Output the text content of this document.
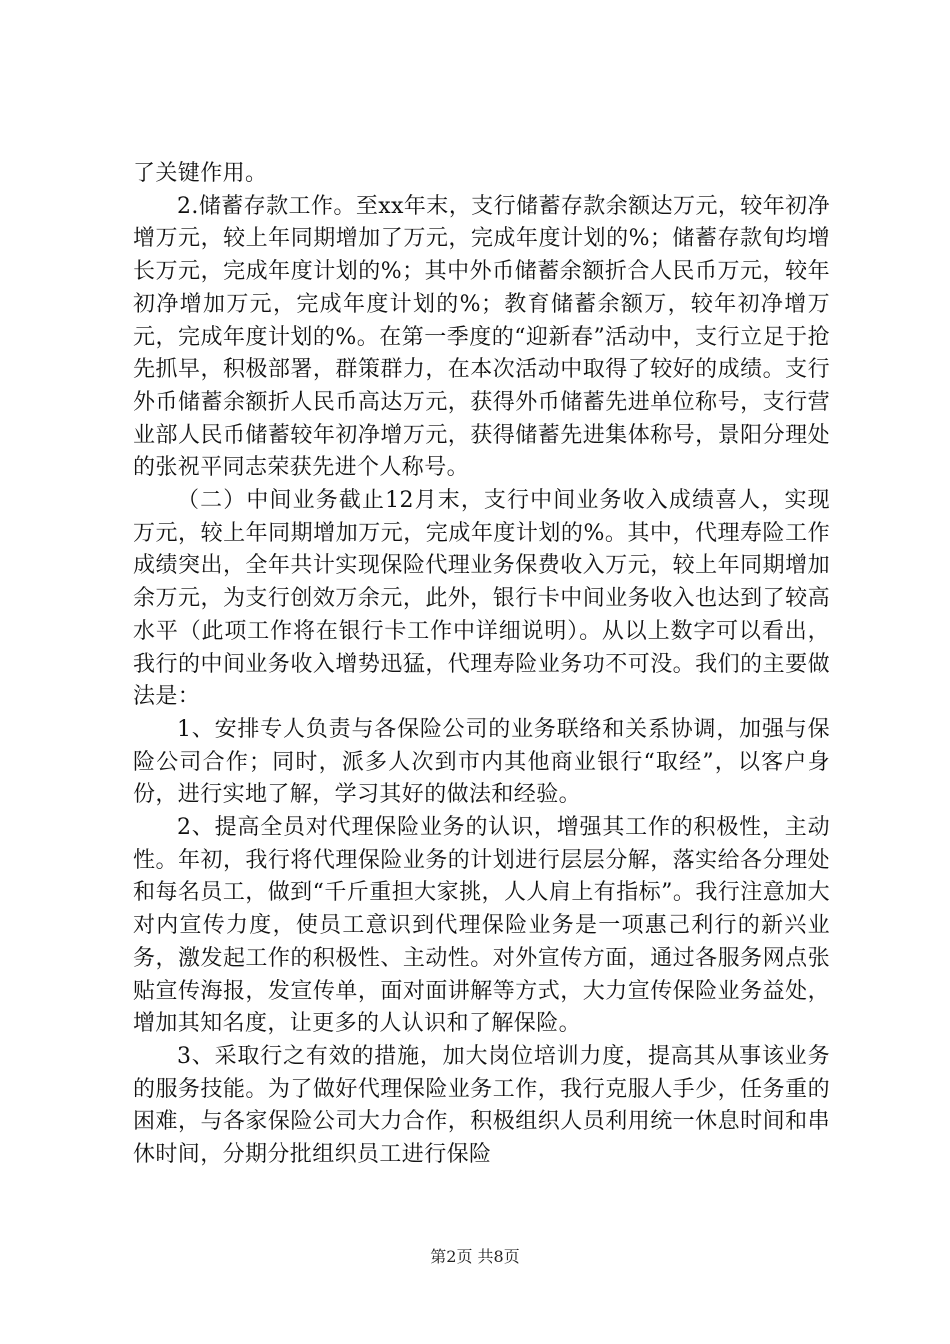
了关键作用。

2.储蓄存款工作。至xx年末，支行储蓄存款余额达万元，较年初净增万元，较上年同期增加了万元，完成年度计划的%；储蓄存款旬均增长万元，完成年度计划的%；其中外币储蓄余额折合人民币万元，较年初净增加万元，完成年度计划的%；教育储蓄余额万，较年初净增万元，完成年度计划的%。在第一季度的“迎新春”活动中，支行立足于抢先抓早，积极部署，群策群力，在本次活动中取得了较好的成绩。支行外币储蓄余额折人民币高达万元，获得外币储蓄先进单位称号，支行营业部人民币储蓄较年初净增万元，获得储蓄先进集体称号，景阳分理处的张祝平同志荣获先进个人称号。

（二）中间业务截止12月末，支行中间业务收入成绩喜人，实现万元，较上年同期增加万元，完成年度计划的%。其中，代理寿险工作成绩突出，全年共计实现保险代理业务保费收入万元，较上年同期增加余万元，为支行创效万余元，此外，银行卡中间业务收入也达到了较高水平（此项工作将在银行卡工作中详细说明）。从以上数字可以看出，我行的中间业务收入增势迅猛，代理寿险业务功不可没。我们的主要做法是：

1、安排专人负责与各保险公司的业务联络和关系协调，加强与保险公司合作；同时，派多人次到市内其他商业银行“取经”，以客户身份，进行实地了解，学习其好的做法和经验。

2、提高全员对代理保险业务的认识，增强其工作的积极性，主动性。年初，我行将代理保险业务的计划进行层层分解，落实给各分理处和每名员工，做到“千斤重担大家挑，人人肩上有指标”。我行注意加大对内宣传力度，使员工意识到代理保险业务是一项惠己利行的新兴业务，激发起工作的积极性、主动性。对外宣传方面，通过各服务网点张贴宣传海报，发宣传单，面对面讲解等方式，大力宣传保险业务益处，增加其知名度，让更多的人认识和了解保险。

3、采取行之有效的措施，加大岗位培训力度，提高其从事该业务的服务技能。为了做好代理保险业务工作，我行克服人手少，任务重的困难，与各家保险公司大力合作，积极组织人员利用统一休息时间和串休时间，分期分批组织员工进行保险

第2页 共8页
